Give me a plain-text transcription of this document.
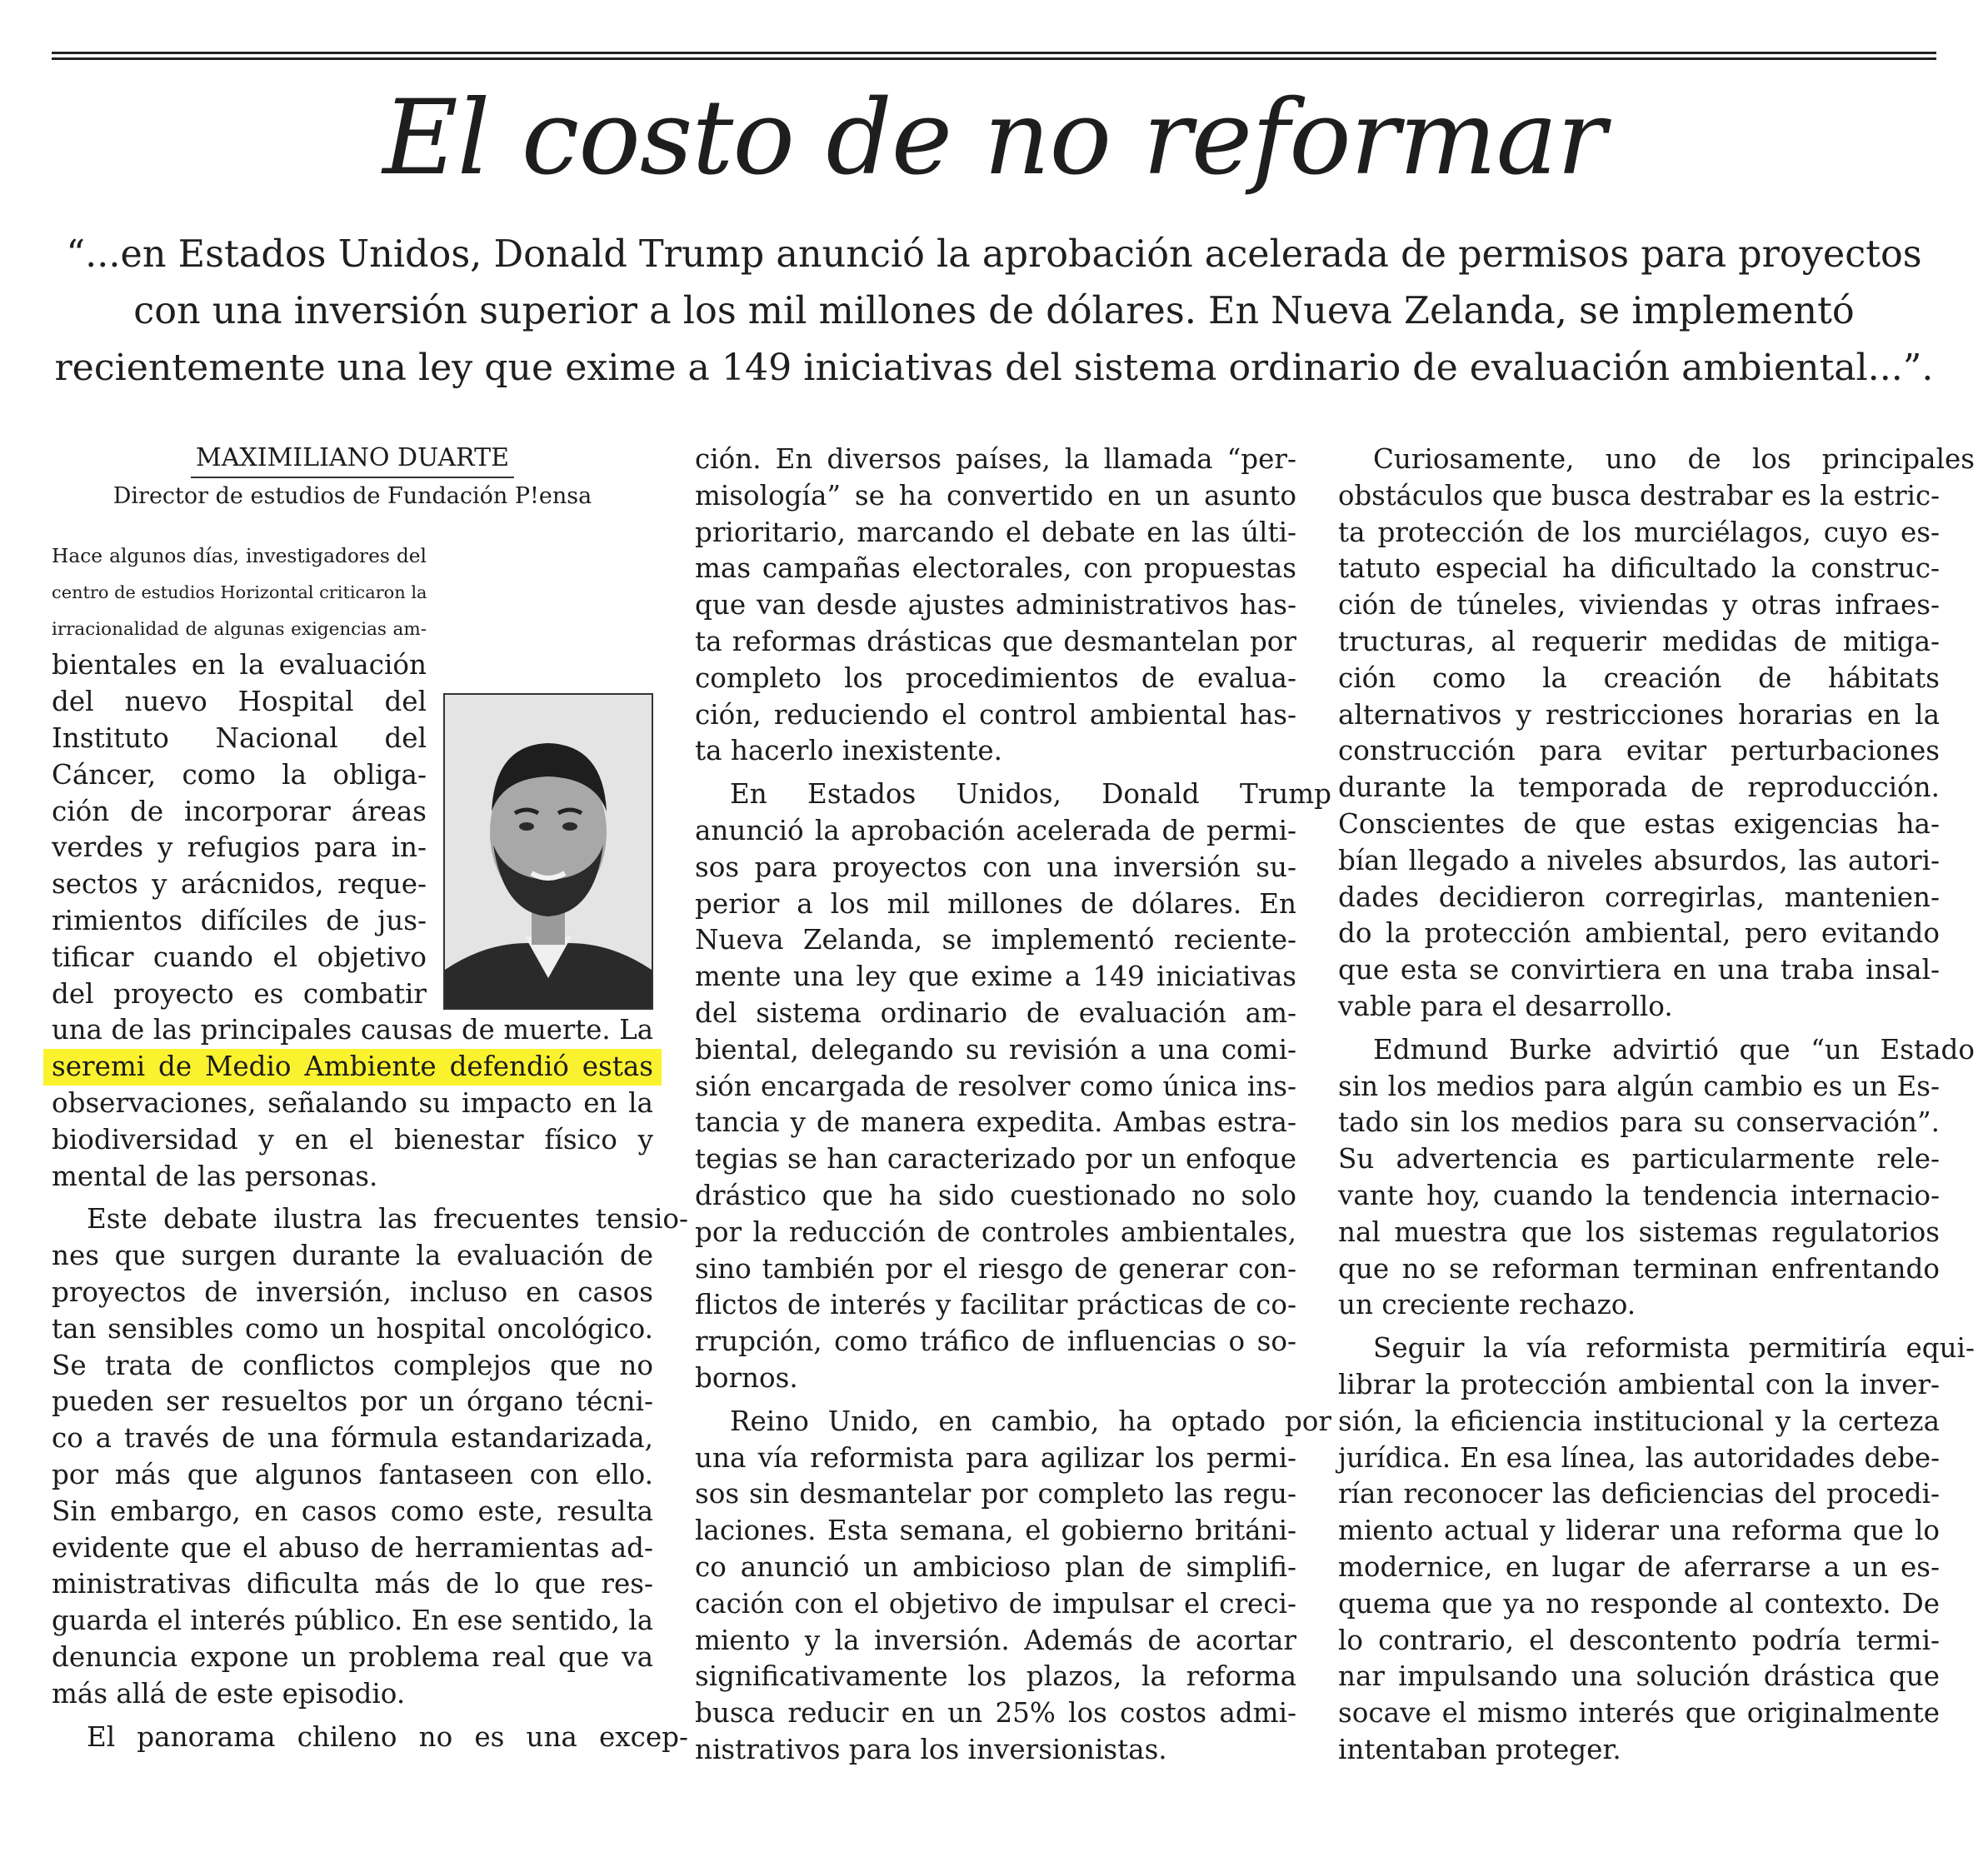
El costo de no reformar
“...en Estados Unidos, Donald Trump anunció la aprobación acelerada de permisos para proyectos
con una inversión superior a los mil millones de dólares. En Nueva Zelanda, se implementó
recientemente una ley que exime a 149 iniciativas del sistema ordinario de evaluación ambiental...”.
MAXIMILIANO DUARTE
Director de estudios de Fundación P!ensa
Hace algunos días, investigadores del
centro de estudios Horizontal criticaron la
irracionalidad de algunas exigencias am-
bientales en la evaluación
del nuevo Hospital del
Instituto Nacional del
Cáncer, como la obliga-
ción de incorporar áreas
verdes y refugios para in-
sectos y arácnidos, reque-
rimientos difíciles de jus-
tificar cuando el objetivo
del proyecto es combatir
una de las principales causas de muerte. La
seremi de Medio Ambiente defendió estas
observaciones, señalando su impacto en la
biodiversidad y en el bienestar físico y
mental de las personas.
Este debate ilustra las frecuentes tensio-
nes que surgen durante la evaluación de
proyectos de inversión, incluso en casos
tan sensibles como un hospital oncológico.
Se trata de conflictos complejos que no
pueden ser resueltos por un órgano técni-
co a través de una fórmula estandarizada,
por más que algunos fantaseen con ello.
Sin embargo, en casos como este, resulta
evidente que el abuso de herramientas ad-
ministrativas dificulta más de lo que res-
guarda el interés público. En ese sentido, la
denuncia expone un problema real que va
más allá de este episodio.
El panorama chileno no es una excep-
ción. En diversos países, la llamada “per-
misología” se ha convertido en un asunto
prioritario, marcando el debate en las últi-
mas campañas electorales, con propuestas
que van desde ajustes administrativos has-
ta reformas drásticas que desmantelan por
completo los procedimientos de evalua-
ción, reduciendo el control ambiental has-
ta hacerlo inexistente.
En Estados Unidos, Donald Trump
anunció la aprobación acelerada de permi-
sos para proyectos con una inversión su-
perior a los mil millones de dólares. En
Nueva Zelanda, se implementó reciente-
mente una ley que exime a 149 iniciativas
del sistema ordinario de evaluación am-
biental, delegando su revisión a una comi-
sión encargada de resolver como única ins-
tancia y de manera expedita. Ambas estra-
tegias se han caracterizado por un enfoque
drástico que ha sido cuestionado no solo
por la reducción de controles ambientales,
sino también por el riesgo de generar con-
flictos de interés y facilitar prácticas de co-
rrupción, como tráfico de influencias o so-
bornos.
Reino Unido, en cambio, ha optado por
una vía reformista para agilizar los permi-
sos sin desmantelar por completo las regu-
laciones. Esta semana, el gobierno británi-
co anunció un ambicioso plan de simplifi-
cación con el objetivo de impulsar el creci-
miento y la inversión. Además de acortar
significativamente los plazos, la reforma
busca reducir en un 25% los costos admi-
nistrativos para los inversionistas.
Curiosamente, uno de los principales
obstáculos que busca destrabar es la estric-
ta protección de los murciélagos, cuyo es-
tatuto especial ha dificultado la construc-
ción de túneles, viviendas y otras infraes-
tructuras, al requerir medidas de mitiga-
ción como la creación de hábitats
alternativos y restricciones horarias en la
construcción para evitar perturbaciones
durante la temporada de reproducción.
Conscientes de que estas exigencias ha-
bían llegado a niveles absurdos, las autori-
dades decidieron corregirlas, mantenien-
do la protección ambiental, pero evitando
que esta se convirtiera en una traba insal-
vable para el desarrollo.
Edmund Burke advirtió que “un Estado
sin los medios para algún cambio es un Es-
tado sin los medios para su conservación”.
Su advertencia es particularmente rele-
vante hoy, cuando la tendencia internacio-
nal muestra que los sistemas regulatorios
que no se reforman terminan enfrentando
un creciente rechazo.
Seguir la vía reformista permitiría equi-
librar la protección ambiental con la inver-
sión, la eficiencia institucional y la certeza
jurídica. En esa línea, las autoridades debe-
rían reconocer las deficiencias del procedi-
miento actual y liderar una reforma que lo
modernice, en lugar de aferrarse a un es-
quema que ya no responde al contexto. De
lo contrario, el descontento podría termi-
nar impulsando una solución drástica que
socave el mismo interés que originalmente
intentaban proteger.
